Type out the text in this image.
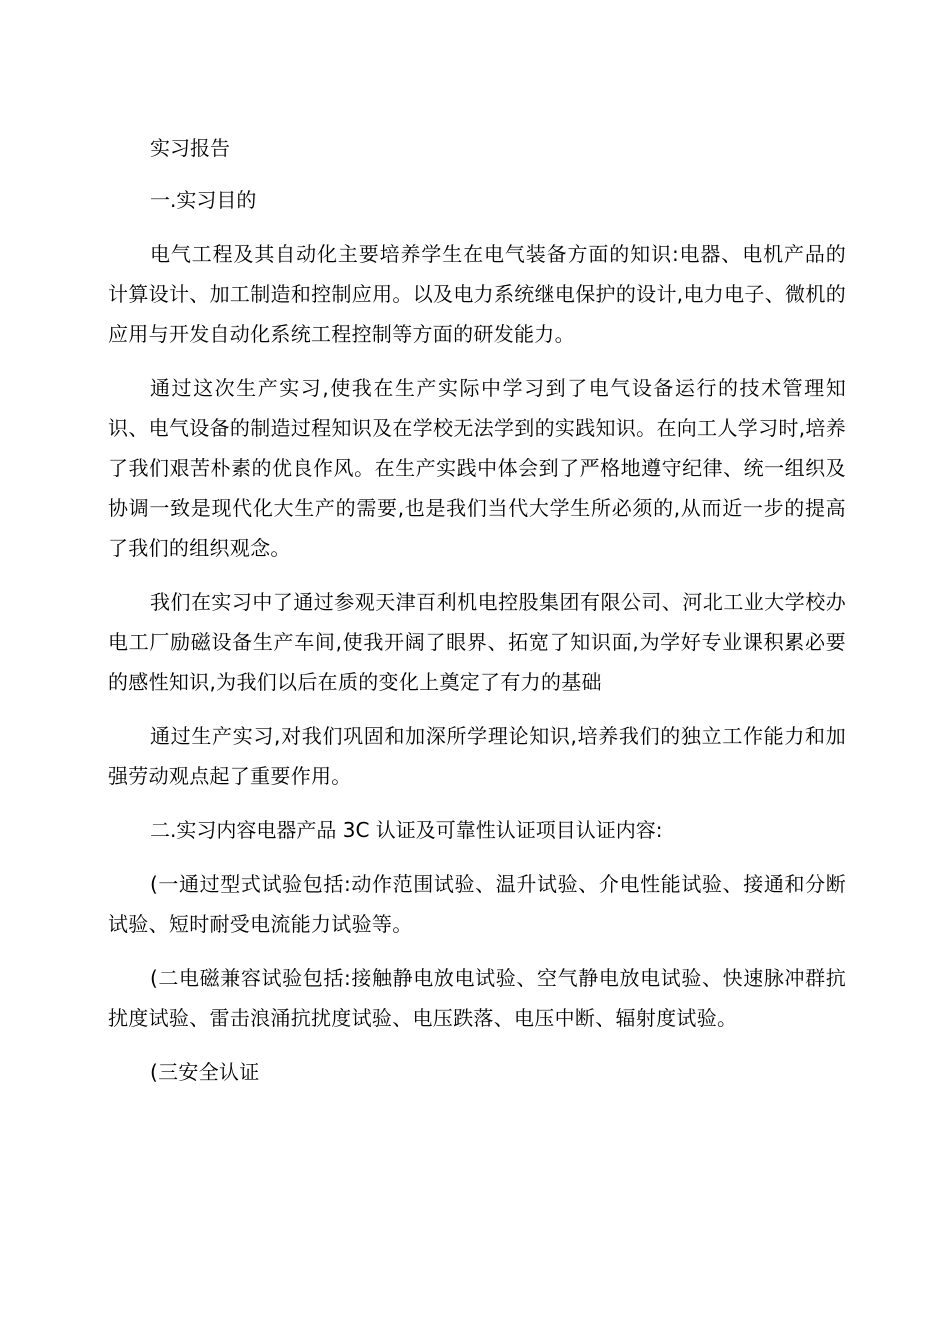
实习报告

一.实习目的

电气工程及其自动化主要培养学生在电气装备方面的知识:电器、电机产品的计算设计、加工制造和控制应用。以及电力系统继电保护的设计,电力电子、微机的应用与开发自动化系统工程控制等方面的研发能力。

通过这次生产实习,使我在生产实际中学习到了电气设备运行的技术管理知识、电气设备的制造过程知识及在学校无法学到的实践知识。在向工人学习时,培养了我们艰苦朴素的优良作风。在生产实践中体会到了严格地遵守纪律、统一组织及协调一致是现代化大生产的需要,也是我们当代大学生所必须的,从而近一步的提高了我们的组织观念。

我们在实习中了通过参观天津百利机电控股集团有限公司、河北工业大学校办电工厂励磁设备生产车间,使我开阔了眼界、拓宽了知识面,为学好专业课积累必要的感性知识,为我们以后在质的变化上奠定了有力的基础

通过生产实习,对我们巩固和加深所学理论知识,培养我们的独立工作能力和加强劳动观点起了重要作用。

二.实习内容电器产品 3C 认证及可靠性认证项目认证内容:

(一通过型式试验包括:动作范围试验、温升试验、介电性能试验、接通和分断试验、短时耐受电流能力试验等。

(二电磁兼容试验包括:接触静电放电试验、空气静电放电试验、快速脉冲群抗扰度试验、雷击浪涌抗扰度试验、电压跌落、电压中断、辐射度试验。

(三安全认证
